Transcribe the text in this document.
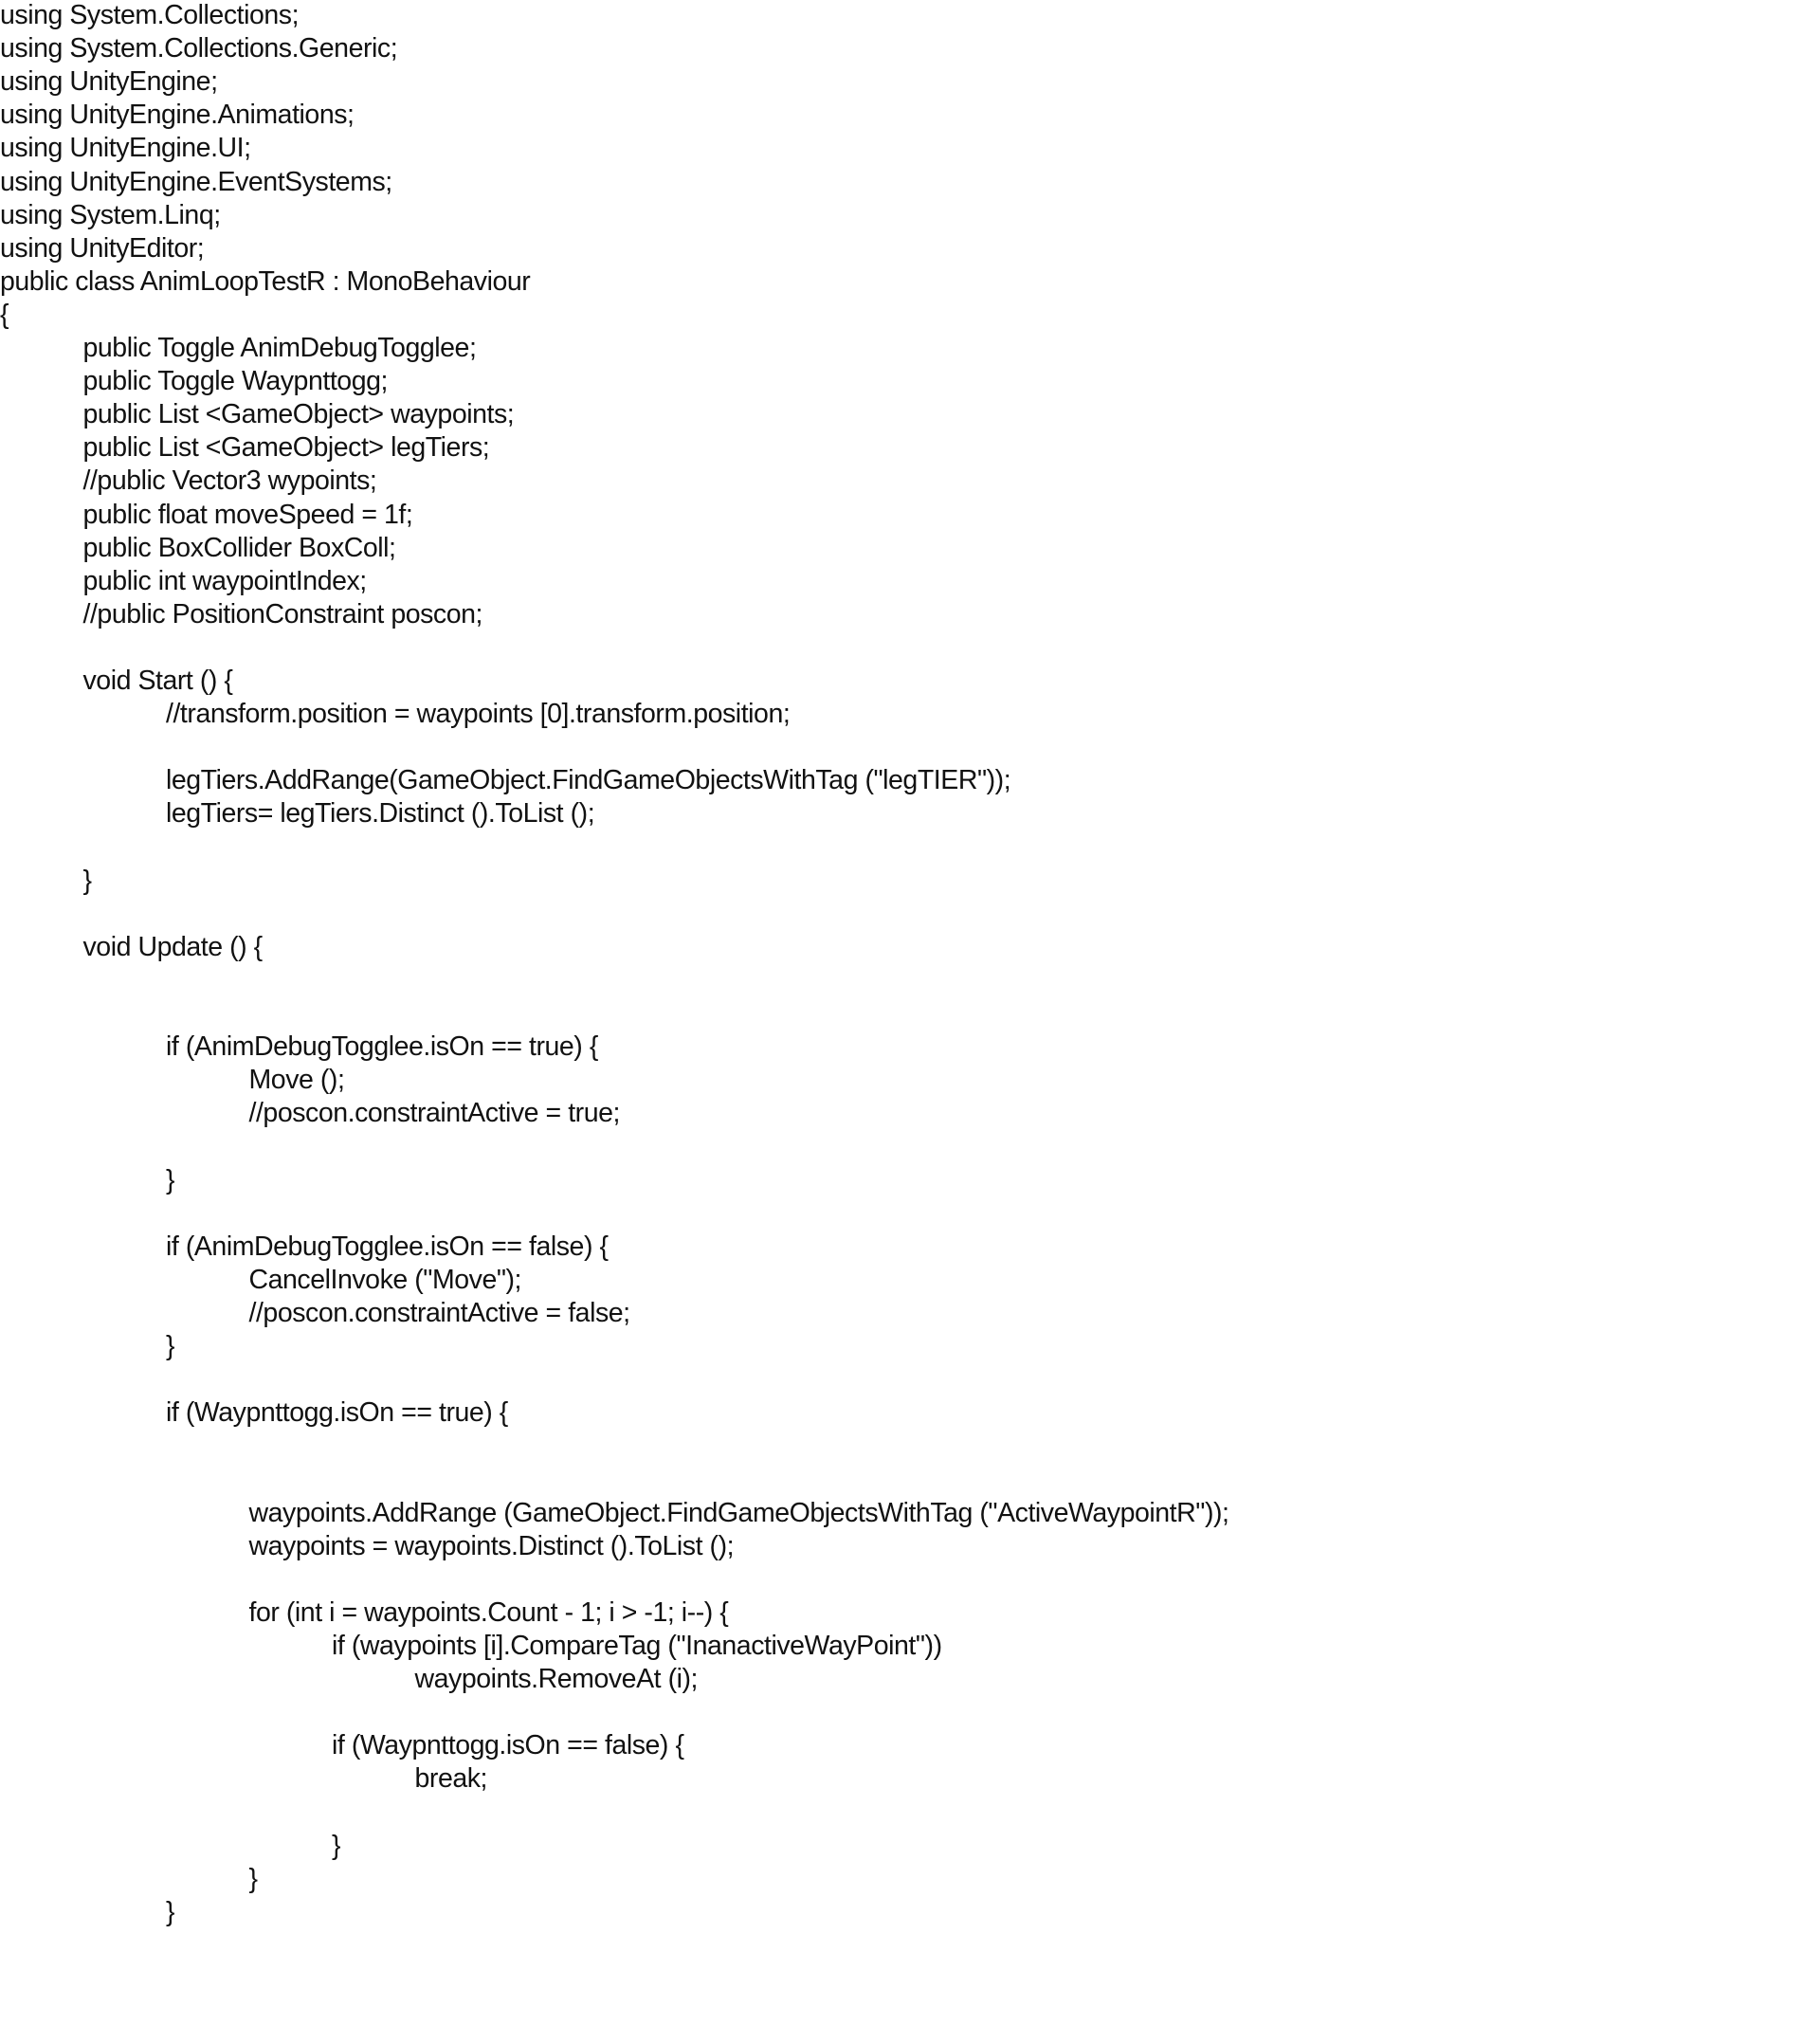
using System.Collections;
using System.Collections.Generic;
using UnityEngine;
using UnityEngine.Animations;
using UnityEngine.UI;
using UnityEngine.EventSystems;
using System.Linq;
using UnityEditor;
public class AnimLoopTestR : MonoBehaviour
{
public Toggle AnimDebugTogglee;
public Toggle Waypnttogg;
public List <GameObject> waypoints;
public List <GameObject> legTiers;
//public Vector3 wypoints;
public float moveSpeed = 1f;
public BoxCollider BoxColl;
public int waypointIndex;
//public PositionConstraint poscon;
void Start () {
//transform.position = waypoints [0].transform.position;
legTiers.AddRange(GameObject.FindGameObjectsWithTag ("legTIER"));
legTiers= legTiers.Distinct ().ToList ();
}
void Update () {
if (AnimDebugTogglee.isOn == true) {
Move ();
//poscon.constraintActive = true;
}
if (AnimDebugTogglee.isOn == false) {
CancelInvoke ("Move");
//poscon.constraintActive = false;
}
if (Waypnttogg.isOn == true) {
waypoints.AddRange (GameObject.FindGameObjectsWithTag ("ActiveWaypointR"));
waypoints = waypoints.Distinct ().ToList ();
for (int i = waypoints.Count - 1; i > -1; i--) {
if (waypoints [i].CompareTag ("InanactiveWayPoint"))
waypoints.RemoveAt (i);
if (Waypnttogg.isOn == false) {
break;
}
}
}
